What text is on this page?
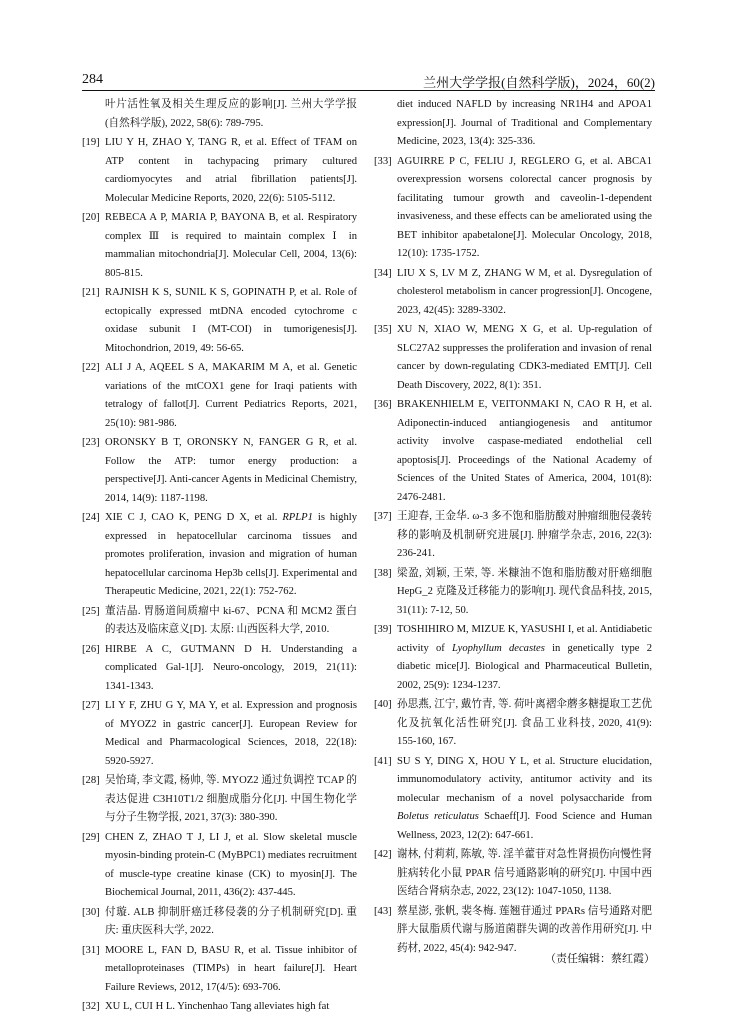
284	兰州大学学报(自然科学版)，2024，60(2)
叶片活性氧及相关生理反应的影响[J]. 兰州大学学报(自然科学版), 2022, 58(6): 789-795.
[19] LIU Y H, ZHAO Y, TANG R, et al. Effect of TFAM on ATP content in tachypacing primary cultured cardiomyocytes and atrial fibrillation patients[J]. Molecular Medicine Reports, 2020, 22(6): 5105-5112.
[20] REBECA A P, MARIA P, BAYONA B, et al. Respiratory complex Ⅲ is required to maintain complex Ⅰ in mammalian mitochondria[J]. Molecular Cell, 2004, 13(6): 805-815.
[21] RAJNISH K S, SUNIL K S, GOPINATH P, et al. Role of ectopically expressed mtDNA encoded cytochrome c oxidase subunit I (MT-COI) in tumorigenesis[J]. Mitochondrion, 2019, 49: 56-65.
[22] ALI J A, AQEEL S A, MAKARIM M A, et al. Genetic variations of the mtCOX1 gene for Iraqi patients with tetralogy of fallot[J]. Current Pediatrics Reports, 2021, 25(10): 981-986.
[23] ORONSKY B T, ORONSKY N, FANGER G R, et al. Follow the ATP: tumor energy production: a perspective[J]. Anti-cancer Agents in Medicinal Chemistry, 2014, 14(9): 1187-1198.
[24] XIE C J, CAO K, PENG D X, et al. RPLP1 is highly expressed in hepatocellular carcinoma tissues and promotes proliferation, invasion and migration of human hepatocellular carcinoma Hep3b cells[J]. Experimental and Therapeutic Medicine, 2021, 22(1): 752-762.
[25] 董洁晶. 胃肠道间质瘤中 ki-67、PCNA 和 MCM2 蛋白的表达及临床意义[D]. 太原: 山西医科大学, 2010.
[26] HIRBE A C, GUTMANN D H. Understanding a complicated Gal-1[J]. Neuro-oncology, 2019, 21(11): 1341-1343.
[27] LI Y F, ZHU G Y, MA Y, et al. Expression and prognosis of MYOZ2 in gastric cancer[J]. European Review for Medical and Pharmacological Sciences, 2018, 22(18): 5920-5927.
[28] 吴怡琦, 李文霞, 杨帅, 等. MYOZ2 通过负调控 TCAP 的表达促进 C3H10T1/2 细胞成脂分化[J]. 中国生物化学与分子生物学报, 2021, 37(3): 380-390.
[29] CHEN Z, ZHAO T J, LI J, et al. Slow skeletal muscle myosin-binding protein-C (MyBPC1) mediates recruitment of muscle-type creatine kinase (CK) to myosin[J]. The Biochemical Journal, 2011, 436(2): 437-445.
[30] 付璇. ALB 抑制肝癌迁移侵袭的分子机制研究[D]. 重庆: 重庆医科大学, 2022.
[31] MOORE L, FAN D, BASU R, et al. Tissue inhibitor of metalloproteinases (TIMPs) in heart failure[J]. Heart Failure Reviews, 2012, 17(4/5): 693-706.
[32] XU L, CUI H L. Yinchenhao Tang alleviates high fat
diet induced NAFLD by increasing NR1H4 and APOA1 expression[J]. Journal of Traditional and Complementary Medicine, 2023, 13(4): 325-336.
[33] AGUIRRE P C, FELIU J, REGLERO G, et al. ABCA1 overexpression worsens colorectal cancer prognosis by facilitating tumour growth and caveolin-1-dependent invasiveness, and these effects can be ameliorated using the BET inhibitor apabetalone[J]. Molecular Oncology, 2018, 12(10): 1735-1752.
[34] LIU X S, LV M Z, ZHANG W M, et al. Dysregulation of cholesterol metabolism in cancer progression[J]. Oncogene, 2023, 42(45): 3289-3302.
[35] XU N, XIAO W, MENG X G, et al. Up-regulation of SLC27A2 suppresses the proliferation and invasion of renal cancer by down-regulating CDK3-mediated EMT[J]. Cell Death Discovery, 2022, 8(1): 351.
[36] BRAKENHIELM E, VEITONMAKI N, CAO R H, et al. Adiponectin-induced antiangiogenesis and antitumor activity involve caspase-mediated endothelial cell apoptosis[J]. Proceedings of the National Academy of Sciences of the United States of America, 2004, 101(8): 2476-2481.
[37] 王迎春, 王金华. ω-3 多不饱和脂肪酸对肿瘤细胞侵袭转移的影响及机制研究进展[J]. 肿瘤学杂志, 2016, 22(3): 236-241.
[38] 梁盈, 刘颖, 王荣, 等. 米糠油不饱和脂肪酸对肝癌细胞 HepG_2 克隆及迁移能力的影响[J]. 现代食品科技, 2015, 31(11): 7-12, 50.
[39] TOSHIHIRO M, MIZUE K, YASUSHI I, et al. Antidiabetic activity of Lyophyllum decastes in genetically type 2 diabetic mice[J]. Biological and Pharmaceutical Bulletin, 2002, 25(9): 1234-1237.
[40] 孙思燕, 江宁, 戴竹青, 等. 荷叶离褶伞蘑多糖提取工艺优化及抗氧化活性研究[J]. 食品工业科技, 2020, 41(9): 155-160, 167.
[41] SU S Y, DING X, HOU Y L, et al. Structure elucidation, immunomodulatory activity, antitumor activity and its molecular mechanism of a novel polysaccharide from Boletus reticulatus Schaeff[J]. Food Science and Human Wellness, 2023, 12(2): 647-661.
[42] 谢林, 付莉莉, 陈敏, 等. 淫羊藿苷对急性肾损伤向慢性肾脏病转化小鼠 PPAR 信号通路影响的研究[J]. 中国中西医结合肾病杂志, 2022, 23(12): 1047-1050, 1138.
[43] 蔡星澎, 张帆, 裴冬梅. 莲翘苷通过 PPARs 信号通路对肥胖大鼠脂质代谢与肠道菌群失调的改善作用研究[J]. 中药材, 2022, 45(4): 942-947.
（责任编辑：蔡红霞）
